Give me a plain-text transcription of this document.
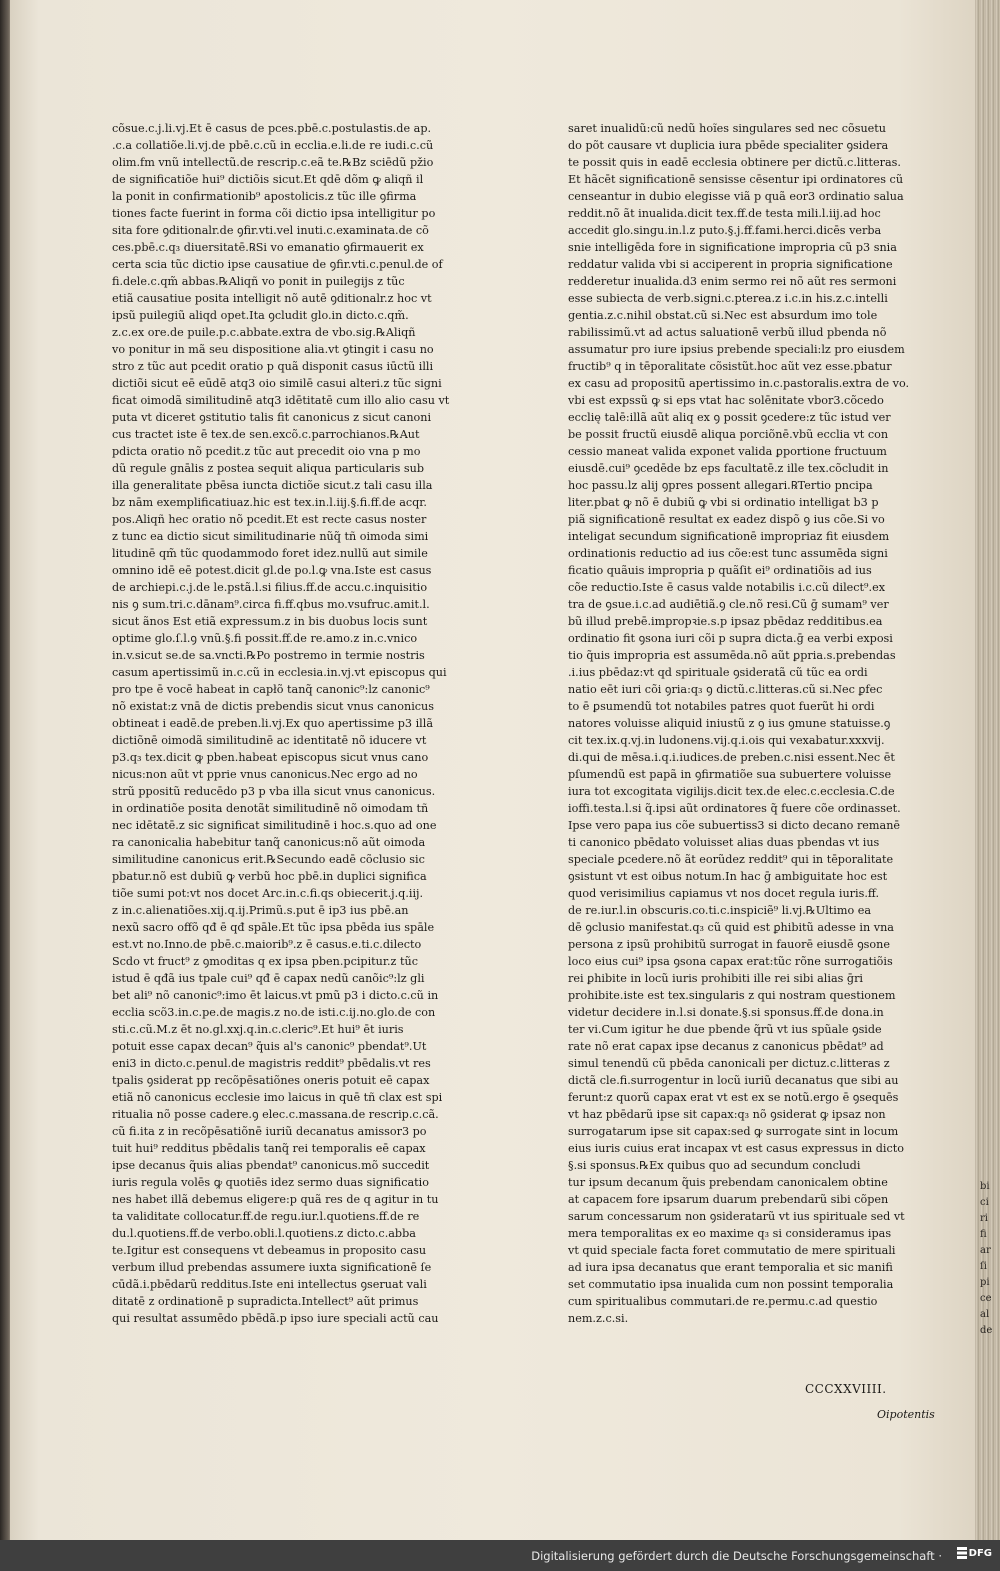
cõsue.c.j.li.vj.Et ē casus de pces.pbē.c.postulastis.de ap.
.c.a collatiõe.li.vj.de pbē.c.cũ in ecclia.e.li.de re iudi.c.cũ
olim.fm vnũ intellectũ.de rescrip.c.eã te.℞Bz sciēdũ pžio
de significatiõe hui⁹ dictiõis sicut.Et qdē dõm ꝙ aliqñ il
la ponit in confirmationib⁹ apostolicis.z tũc ille ꝯfirma
tiones facte fuerint in forma cõi dictio ipsa intelligitur po
sita fore ꝯditionalr.de ꝯfir.vti.vel inuti.c.examinata.de cõ
ces.pbē.c.q₃ diuersitatē.℞Si vo emanatio ꝯfirmauerit ex
certa scia tũc dictio ipse causatiue de ꝯfir.vti.c.penul.de of
fi.dele.c.qm̃ abbas.℞Aliqñ vo ponit in puilegijs z tũc
etiã causatiue posita intelligit nõ autē ꝯditionalr.z hoc vt
ipsũ puilegiũ aliqd opet.Ita ꝯcludit glo.in dicto.c.qm̃.
z.c.ex ore.de puile.p.c.abbate.extra de vbo.sig.℞Aliqñ
vo ponitur in mã seu dispositione alia.vt ꝯtingit i casu no
stro z tũc aut pcedit oratio p quã disponit casus iūctũ illi
dictiõi sicut eē eūdē atq3 oio similē casui alteri.z tũc signi
ficat oimodã similitudinē atq3 idētitatē cum illo alio casu vt
puta vt diceret ꝯstitutio talis fit canonicus z sicut canoni
cus tractet iste ē tex.de sen.excõ.c.parrochianos.℞Aut
pdicta oratio nõ pcedit.z tũc aut precedit oio vna p mo
dũ regule gnālis z postea sequit aliqua particularis sub
illa generalitate pbēsa iuncta dictiõe sicut.z tali casu illa
bz nām exemplificatiuaz.hic est tex.in.l.iij.§.fi.ff.de acqr.
pos.Aliqñ hec oratio nõ pcedit.Et est recte casus noster
z tunc ea dictio sicut similitudinarie nũq̃ tñ oimoda simi
litudinē qm̃ tũc quodammodo foret idez.nullũ aut simile
omnino idē eē potest.dicit gl.de po.l.ꝙ vna.Iste est casus
de archiepi.c.j.de le.pstã.l.si filius.ff.de accu.c.inquisitio
nis ꝯ sum.tri.c.dānam⁹.circa fi.ff.qbus mo.vsufruc.amit.l.
sicut ãnos Est etiã expressum.z in bis duobus locis sunt
optime glo.ſ.l.ꝯ vnũ.§.fi possit.ff.de re.amo.z in.c.vnico
in.v.sicut se.de sa.vncti.℞Po postremo in termie nostris
casum apertissimũ in.c.cũ in ecclesia.in.vj.vt episcopus qui
pro tpe ē vocē habeat in capłõ tanq̃ canonic⁹:lz canonic⁹
nõ existat:z vnā de dictis prebendis sicut vnus canonicus
obtineat i eadē.de preben.li.vj.Ex quo apertissime p3 illã
dictiõnē oimodã similitudinē ac identitatē nõ iducere vt
p3.q₃ tex.dicit ꝙ pben.habeat episcopus sicut vnus cano
nicus:non aũt vt pprie vnus canonicus.Nec ergo ad no
strũ ppositũ reducēdo p3 p vba illa sicut vnus canonicus.
in ordinatiõe posita denotãt similitudinē nõ oimodam tñ
nec idētatē.z sic significat similitudinē i hoc.s.quo ad one
ra canonicalia habebitur tanq̃ canonicus:nõ aũt oimoda
similitudine canonicus erit.℞Secundo eadē cõclusio sic
pbatur.nõ est dubiũ ꝙ verbũ hoc pbē.in duplici significa
tiõe sumi pot:vt nos docet Arc.in.c.fi.qs obiecerit.j.q.iij.
z in.c.alienatiões.xij.q.ij.Primũ.s.put ē ip3 ius pbē.an
nexũ sacro offõ qđ ē qđ spāle.Et tũc ipsa pbēda ius spāle
est.vt no.Inno.de pbē.c.maiorib⁹.z ē casus.e.ti.c.dilecto
Scdo vt fruct⁹ z ꝯmoditas q ex ipsa pben.pcipitur.z tũc
istud ē qđã ius tpale cui⁹ qđ ē capax nedũ canõic⁹:lz gli
bet ali⁹ nõ canonic⁹:imo ēt laicus.vt pmũ p3 i dicto.c.cũ in
ecclia scõ3.in.c.pe.de magis.z no.de isti.c.ij.no.glo.de con
sti.c.cũ.M.z ēt no.gl.xxj.q.in.c.cleric⁹.Et hui⁹ ēt iuris
potuit esse capax decan⁹ q̃uis al's canonic⁹ pbendat⁹.Ut
eni3 in dicto.c.penul.de magistris reddit⁹ pbēdalis.vt res
tpalis ꝯsiderat pp recõpēsatiõnes oneris potuit eē capax
etiã nõ canonicus ecclesie imo laicus in quē tñ clax est spi
ritualia nõ posse cadere.ꝯ elec.c.massana.de rescrip.c.cã.
cũ fi.ita z in recõpēsatiõnē iuriũ decanatus amissor3 po
tuit hui⁹ redditus pbēdalis tanq̃ rei temporalis eē capax
ipse decanus q̃uis alias pbendat⁹ canonicus.mõ succedit
iuris regula volēs ꝙ quotiēs idez sermo duas significatio
nes habet illã debemus eligere:p quã res de q agitur in tu
ta validitate collocatur.ff.de regu.iur.l.quotiens.ff.de re
du.l.quotiens.ff.de verbo.obli.l.quotiens.z dicto.c.abba
te.Igitur est consequens vt debeamus in proposito casu
verbum illud prebendas assumere iuxta significationē ſe
cūdã.i.pbēdarũ redditus.Iste eni intellectus ꝯseruat vali
ditatē z ordinationē p supradicta.Intellect⁹ aũt primus
qui resultat assumēdo pbēdã.p ipso iure speciali actũ cau
saret inualidũ:cũ nedũ hoĩes singulares sed nec cõsuetu
do põt causare vt duplicia iura pbēde specialiter ꝯsidera
te possit quis in eadē ecclesia obtinere per dictũ.c.litteras.
Et hãcēt significationē sensisse cēsentur ipi ordinatores cũ
censeantur in dubio elegisse viã p quã eor3 ordinatio salua
reddit.nõ ãt inualida.dicit tex.ff.de testa mili.l.iij.ad hoc
accedit glo.singu.in.l.z puto.§.j.ff.fami.herci.dicēs verba
snie intelligēda fore in significatione impropria cũ p3 snia
reddatur valida vbi si acciperent in propria significatione
redderetur inualida.d3 enim sermo rei nõ aũt res sermoni
esse subiecta de verb.signi.c.pterea.z i.c.in his.z.c.intelli
gentia.z.c.nihil obstat.cũ si.Nec est absurdum imo tole
rabilissimũ.vt ad actus saluationē verbũ illud pbenda nõ
assumatur pro iure ipsius prebende speciali:lz pro eiusdem
fructib⁹ q in tēporalitate cõsistũt.hoc aũt vez esse.pbatur
ex casu ad propositũ apertissimo in.c.pastoralis.extra de vo.
vbi est expssũ ꝙ si eps vtat hac solēnitate vbor3.cõcedo
ecclię talē:illã aũt aliq ex ꝯ possit ꝯcedere:z tũc istud ver
be possit fructũ eiusdē aliqua porciõnē.vbũ ecclia vt con
cessio maneat valida exponet valida ꝑportione fructuum
eiusdē.cui⁹ ꝯcedēde bz eps facultatē.z ille tex.cõcludit in
hoc passu.lz alij ꝯpres possent allegari.℞Tertio pncipa
liter.pbat ꝙ nõ ē dubiũ ꝙ vbi si ordinatio intelligat b3 p
piã significationē resultat ex eadez dispõ ꝯ ius cõe.Si vo
inteligat secundum significationē impropriaz fit eiusdem
ordinationis reductio ad ius cõe:est tunc assumēda signi
ficatio quãuis impropria p quãſit ei⁹ ordinatiõis ad ius
cõe reductio.Iste ē casus valde notabilis i.c.cũ dilect⁹.ex
tra de ꝯsue.i.c.ad audiētiã.ꝯ cle.nõ resi.Cũ ḡ sumam⁹ ver
bũ illud prebē.impropꝛie.s.p ipsaz pbēdaz redditibus.ea
ordinatio fit ꝯsona iuri cõi p supra dicta.ḡ ea verbi exposi
tio q̃uis impropria est assumēda.nõ aũt ꝑpria.s.prebendas
.i.ius pbēdaz:vt qd spirituale ꝯsideratã cũ tũc ea ordi
natio eēt iuri cõi ꝯria:q₃ ꝯ dictũ.c.litteras.cũ si.Nec ꝑfec
to ē ꝑsumendũ tot notabiles patres quot fuerũt hi ordi
natores voluisse aliquid iniustũ z ꝯ ius ꝯmune statuisse.ꝯ
cit tex.ix.q.vj.in ludonens.vij.q.i.ois qui vexabatur.xxxvij.
di.qui de mēsa.i.q.i.iudices.de preben.c.nisi essent.Nec ēt
pſumendũ est papã in ꝯfirmatiõe sua subuertere voluisse
iura tot excogitata vigilijs.dicit tex.de elec.c.ecclesia.C.de
ioffi.testa.l.si q̃.ipsi aũt ordinatores q̃ fuere cõe ordinasset.
Ipse vero papa ius cõe subuertiss3 si dicto decano remanē
ti canonico pbēdato voluisset alias duas pbendas vt ius
speciale ꝑcedere.nõ ãt eorũdez reddit⁹ qui in tēporalitate
ꝯsistunt vt est oibus notum.In hac ḡ ambiguitate hoc est
quod verisimilius capiamus vt nos docet regula iuris.ff.
de re.iur.l.in obscuris.co.ti.c.inspiciẽ⁹ li.vj.℞Ultimo ea
dē ꝯclusio manifestat.q₃ cũ quid est ꝑhibitũ adesse in vna
persona z ipsũ prohibitũ surrogat in fauorē eiusdē ꝯsone
loco eius cui⁹ ipsa ꝯsona capax erat:tũc rõne surrogatiõis
rei ꝑhibite in locũ iuris prohibiti ille rei sibi alias ḡri
prohibite.iste est tex.singularis z qui nostram questionem
videtur decidere in.l.si donate.§.si sponsus.ff.de dona.in
ter vi.Cum igitur he due pbende q̃rũ vt ius spũale ꝯside
rate nõ erat capax ipse decanus z canonicus pbēdat⁹ ad
simul tenendũ cũ pbēda canonicali per dictuz.c.litteras z
dictã cle.fi.surrogentur in locũ iuriũ decanatus que sibi au
ferunt:z quorũ capax erat vt est ex se notũ.ergo ē ꝯsequēs
vt haz pbēdarũ ipse sit capax:q₃ nõ ꝯsiderat ꝙ ipsaz non
surrogatarum ipse sit capax:sed ꝙ surrogate sint in locum
eius iuris cuius erat incapax vt est casus expressus in dicto
§.si sponsus.℞Ex quibus quo ad secundum concludi
tur ipsum decanum q̃uis prebendam canonicalem obtine
at capacem fore ipsarum duarum prebendarũ sibi cõpen
sarum concessarum non ꝯsideratarũ vt ius spirituale sed vt
mera temporalitas ex eo maxime q₃ si consideramus ipas
vt quid speciale facta foret commutatio de mere spirituali
ad iura ipsa decanatus que erant temporalia et sic manifi
set commutatio ipsa inualida cum non possint temporalia
cum spiritualibus commutari.de re.permu.c.ad questio
nem.z.c.si.
CCCXXVIIII.
Oipotentis
bi
ci
ri
fi
ar
ſi
pi
ce
al
de
Digitalisierung gefördert durch die Deutsche Forschungsgemeinschaft ·	DFG
